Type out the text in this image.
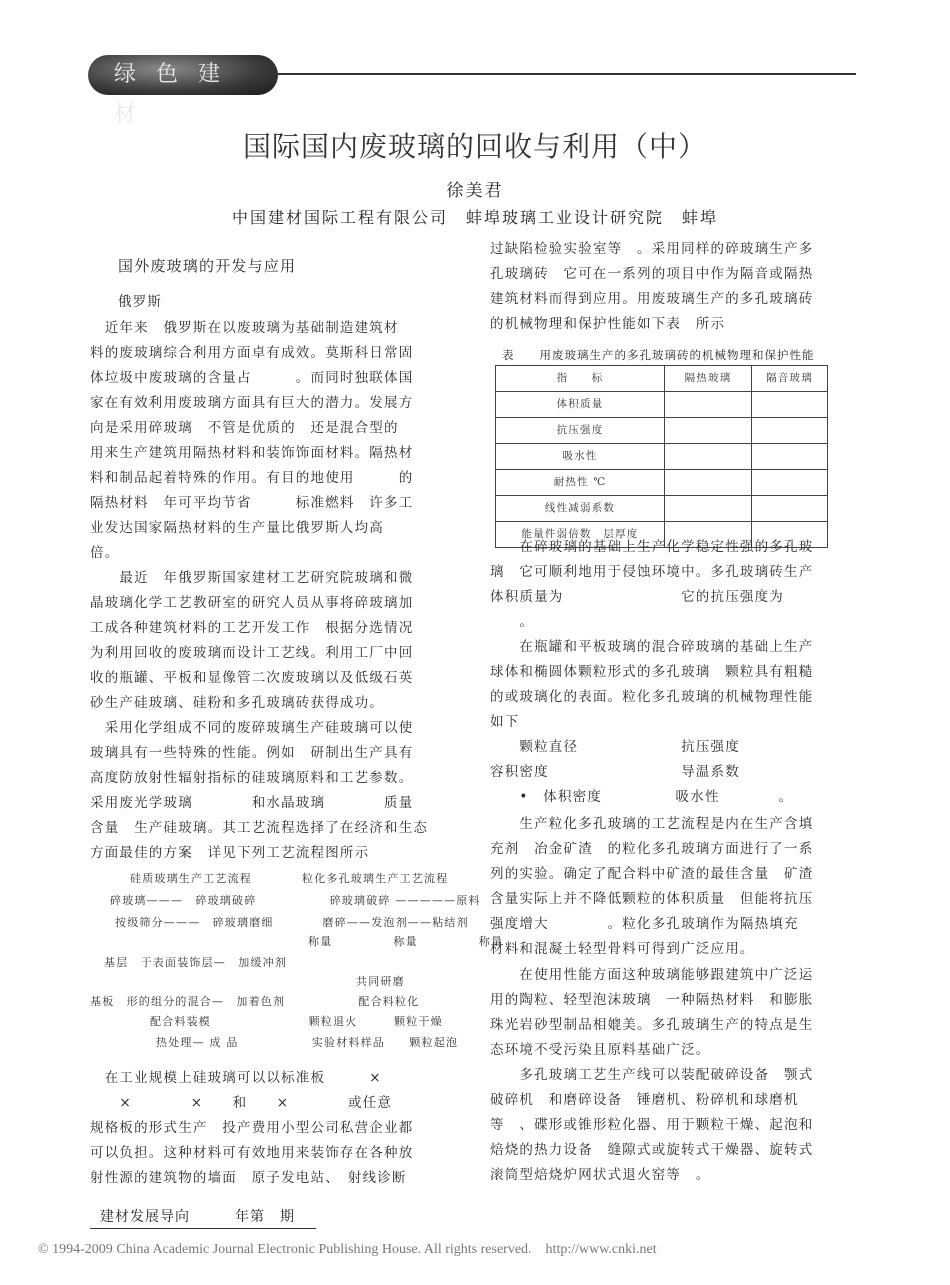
绿色建材
国际国内废玻璃的回收与利用（中）
徐美君
中国建材国际工程有限公司　蚌埠玻璃工业设计研究院　蚌埠
国外废玻璃的开发与应用
俄罗斯

　近年来　俄罗斯在以废玻璃为基础制造建筑材

料的废玻璃综合利用方面卓有成效。莫斯科日常固

体垃圾中废玻璃的含量占　　　。而同时独联体国

家在有效利用废玻璃方面具有巨大的潜力。发展方

向是采用碎玻璃　不管是优质的　还是混合型的

用来生产建筑用隔热材料和装饰饰面材料。隔热材

料和制品起着特殊的作用。有目的地使用　　　的

隔热材料　年可平均节省　　　标准燃料　许多工

业发达国家隔热材料的生产量比俄罗斯人均高

倍。

　　最近　年俄罗斯国家建材工艺研究院玻璃和微

晶玻璃化学工艺教研室的研究人员从事将碎玻璃加

工成各种建筑材料的工艺开发工作　根据分选情况

为利用回收的废玻璃而设计工艺线。利用工厂中回

收的瓶罐、平板和显像管二次废玻璃以及低级石英

砂生产硅玻璃、硅粉和多孔玻璃砖获得成功。

　采用化学组成不同的废碎玻璃生产硅玻璃可以使

玻璃具有一些特殊的性能。例如　研制出生产具有

高度防放射性辐射指标的硅玻璃原料和工艺参数。

采用废光学玻璃　　　　和水晶玻璃　　　　质量

含量　生产硅玻璃。其工艺流程选择了在经济和生态

方面最佳的方案　详见下列工艺流程图所示

硅质玻璃生产工艺流程	粒化多孔玻璃生产工艺流程
碎玻璃———　碎玻璃破碎　　　　　　碎玻璃破碎 —————原料
按级筛分———　碎玻璃磨细　　　　磨碎——发泡剂——粘结剂
称量　　　　　称量　　　　　称量
基层　于表面装饰层—　加缓冲剂
共同研磨
基板　形的组分的混合—　加着色剂　　　　　　配合料粒化
配合料装模　　　　　　　　颗粒退火　　　颗粒干燥
热处理— 成 品　　　　　　实验材料样品　　颗粒起泡

　在工业规模上硅玻璃可以以标准板　　　×

　　×　　　　×　　和　　×　　　　或任意

规格板的形式生产　投产费用小型公司私营企业都

可以负担。这种材料可有效地用来装饰存在各种放

射性源的建筑物的墙面　原子发电站、　射线诊断

过缺陷检验实验室等　。采用同样的碎玻璃生产多

孔玻璃砖　它可在一系列的项目中作为隔音或隔热

建筑材料而得到应用。用废玻璃生产的多孔玻璃砖

的机械物理和保护性能如下表　所示

表　　用废玻璃生产的多孔玻璃砖的机械物理和保护性能
指　　标	隔热玻璃	隔音玻璃
体积质量		
抗压强度		
吸水性		
耐热性 ℃		
线性减弱系数		
能量件弱倍数　层厚度		

　　在碎玻璃的基础上生产化学稳定性强的多孔玻

璃　它可顺利地用于侵蚀环境中。多孔玻璃砖生产

体积质量为　　　　　　　　它的抗压强度为

　　。

　　在瓶罐和平板玻璃的混合碎玻璃的基础上生产

球体和椭圆体颗粒形式的多孔玻璃　颗粒具有粗糙

的或玻璃化的表面。粒化多孔玻璃的机械物理性能

如下

　　颗粒直径　　　　　　　抗压强度

容积密度　　　　　　　　　导温系数

　　•　体积密度　　　　　吸水性　　　　。

　　生产粒化多孔玻璃的工艺流程是内在生产含填

充剂　冶金矿渣　的粒化多孔玻璃方面进行了一系

列的实验。确定了配合料中矿渣的最佳含量　矿渣

含量实际上并不降低颗粒的体积质量　但能将抗压

强度增大　　　　。粒化多孔玻璃作为隔热填充

材料和混凝土轻型骨料可得到广泛应用。

　　在使用性能方面这种玻璃能够跟建筑中广泛运

用的陶粒、轻型泡沫玻璃　一种隔热材料　和膨胀

珠光岩砂型制品相媲美。多孔玻璃生产的特点是生

态环境不受污染且原料基础广泛。

　　多孔玻璃工艺生产线可以装配破碎设备　颚式

破碎机　和磨碎设备　锤磨机、粉碎机和球磨机

等　、碟形或锥形粒化器、用于颗粒干燥、起泡和

焙烧的热力设备　缝隙式或旋转式干燥器、旋转式

滚筒型焙烧炉网状式退火窑等　。

建材发展导向　　　年第　期
© 1994-2009 China Academic Journal Electronic Publishing House. All rights reserved.    http://www.cnki.net
